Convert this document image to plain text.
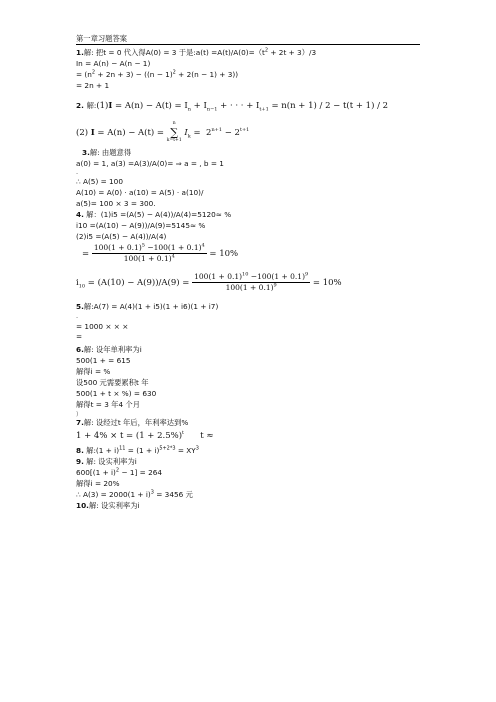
第一章习题答案
1.解: 把t = 0 代入得A(0) = 3 于是:a(t) $=A(t)/A(0)=(t^2 + 2t + 3)/3$
In = A(n) − A(n − 1)
= $(n^2 + 2n + 3) - ((n - 1)^2 + 2(n - 1) + 3)$)
= 2n + 1
2. 解:(1)I = $A(n) - A(t) = I_n + I_{n-1}$ + · · · + $I_{t+1} = n(n + 1) / 2 - t(t + 1) / 2$
(2) I = A(n) − A(t) =
n
∑
k=t+1
$I_k = 2^{n+1} - 2^{t+1}$
3.解: 由题意得
a(0) = 1, a(3) =A(3)/A(0)= ⇒ a = , b = 1
-
∴ A(5) = 100
A(10) = A(0) · a(10) = A(5) · a(10)/
a(5)= 100 × 3 = 300.
4. 解：(1)i5 =(A(5) − A(4))/A(4)=5120≈ %
i10 =(A(10) − A(9))/A(9)=5145≈ %
(2)i5 =(A(5) − A(4))/A(4)
= $\frac{100(1 + 0.1)^5 -100(1 + 0.1)^4}{100(1 + 0.1)^4} = 10\%$
$i_{10} = (A(10) - A(9))/A(9) = \frac{100(1 + 0.1)^{10} -100(1 + 0.1)^9}{100(1 + 0.1)^9} = 10\%$
5.解:A(7) = A(4)(1 + i5)(1 + i6)(1 + i7)
-
= 1000 × × ×
=
6.解: 设年单利率为i
500(1 + = 615
解得i = %
设500 元需要累积t 年
500(1 + t × %) = 630
解得t = 3 年4 个月
)
7.解: 设经过t 年后，年利率达到%
$1 + 4\% \times t = (1 + 2.5\%)^t$      t ≈
8. 解:(1 + $i)^{11} = (1 + i)^{5+2*3} = XY^3$
9. 解: 设实利率为i
$600[(1 + i)^2 - 1] = 264$
解得i = 20%
∴ $A(3) = 2000(1 + i)^3 = 3456$ 元
10.解: 设实利率为i
